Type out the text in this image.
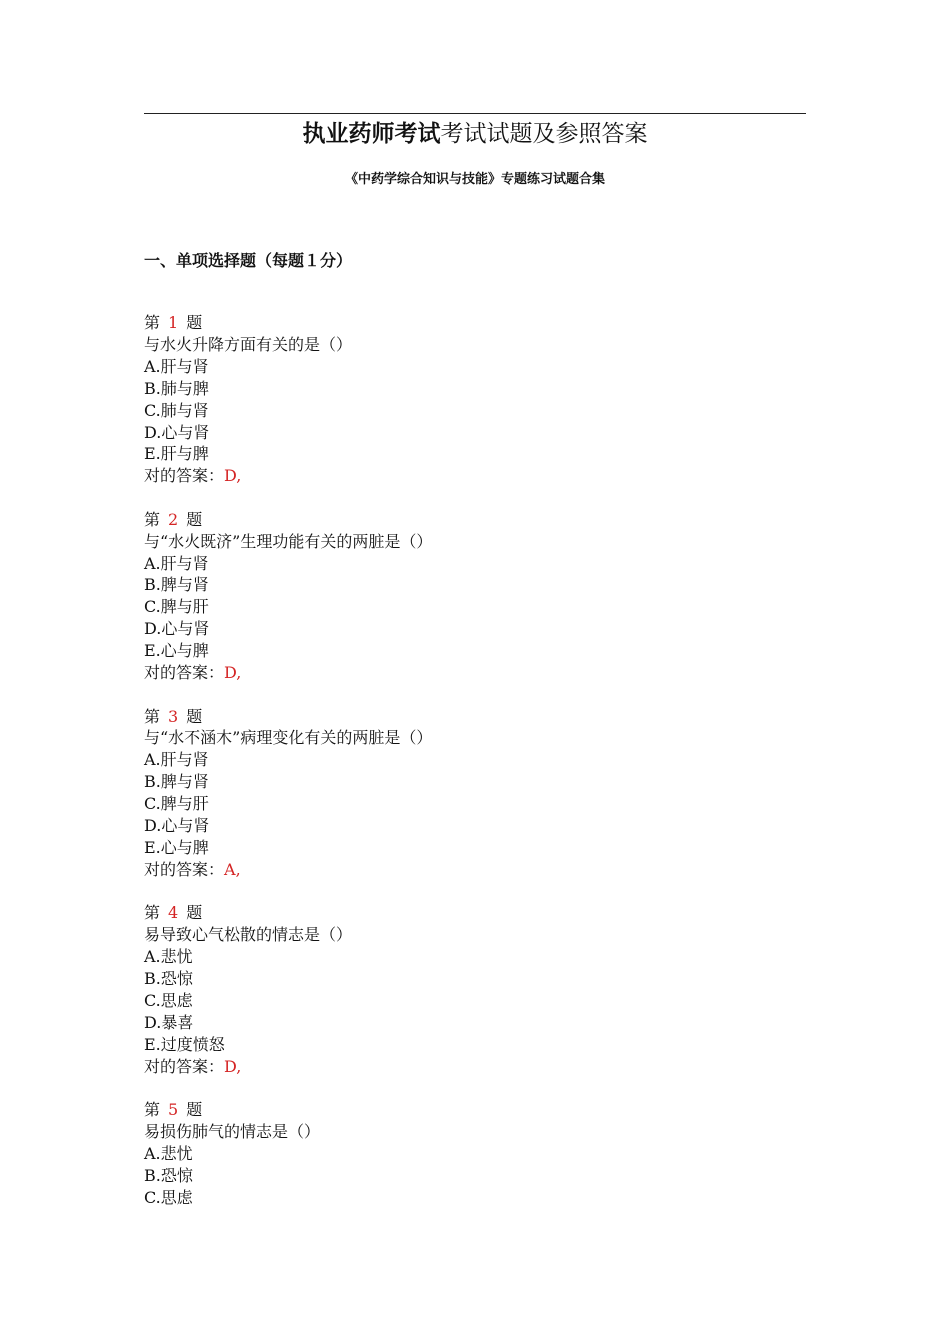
执业药师考试考试试题及参照答案
《中药学综合知识与技能》专题练习试题合集
一、单项选择题（每题１分）
第 1 题
与水火升降方面有关的是（）
A.肝与肾
B.肺与脾
C.肺与肾
D.心与肾
E.肝与脾
对的答案：D,
第 2 题
与“水火既济”生理功能有关的两脏是（）
A.肝与肾
B.脾与肾
C.脾与肝
D.心与肾
E.心与脾
对的答案：D,
第 3 题
与“水不涵木”病理变化有关的两脏是（）
A.肝与肾
B.脾与肾
C.脾与肝
D.心与肾
E.心与脾
对的答案：A,
第 4 题
易导致心气松散的情志是（）
A.悲忧
B.恐惊
C.思虑
D.暴喜
E.过度愤怒
对的答案：D,
第 5 题
易损伤肺气的情志是（）
A.悲忧
B.恐惊
C.思虑
